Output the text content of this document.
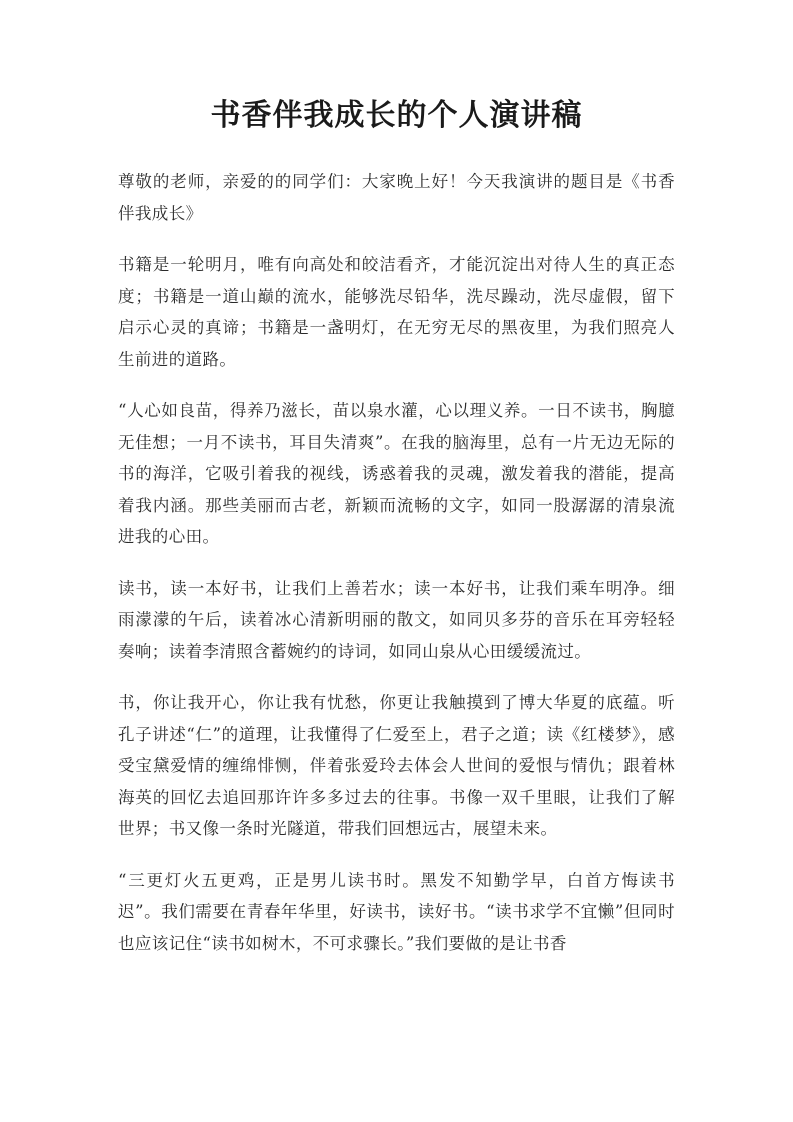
书香伴我成长的个人演讲稿

尊敬的老师，亲爱的的同学们：大家晚上好！今天我演讲的题目是《书香伴我成长》

书籍是一轮明月，唯有向高处和皎洁看齐，才能沉淀出对待人生的真正态度；书籍是一道山巅的流水，能够洗尽铅华，洗尽躁动，洗尽虚假，留下启示心灵的真谛；书籍是一盏明灯，在无穷无尽的黑夜里，为我们照亮人生前进的道路。

“人心如良苗，得养乃滋长，苗以泉水灌，心以理义养。一日不读书，胸臆无佳想；一月不读书，耳目失清爽”。在我的脑海里，总有一片无边无际的书的海洋，它吸引着我的视线，诱惑着我的灵魂，激发着我的潜能，提高着我内涵。那些美丽而古老，新颖而流畅的文字，如同一股潺潺的清泉流进我的心田。

读书，读一本好书，让我们上善若水；读一本好书，让我们乘车明净。细雨濛濛的午后，读着冰心清新明丽的散文，如同贝多芬的音乐在耳旁轻轻奏响；读着李清照含蓄婉约的诗词，如同山泉从心田缓缓流过。

书，你让我开心，你让我有忧愁，你更让我触摸到了博大华夏的底蕴。听孔子讲述“仁”的道理，让我懂得了仁爱至上，君子之道；读《红楼梦》，感受宝黛爱情的缠绵悱恻，伴着张爱玲去体会人世间的爱恨与情仇；跟着林海英的回忆去追回那许许多多过去的往事。书像一双千里眼，让我们了解世界；书又像一条时光隧道，带我们回想远古，展望未来。

“三更灯火五更鸡，正是男儿读书时。黑发不知勤学早，白首方悔读书迟”。我们需要在青春年华里，好读书，读好书。“读书求学不宜懒”但同时也应该记住“读书如树木，不可求骤长。”我们要做的是让书香
